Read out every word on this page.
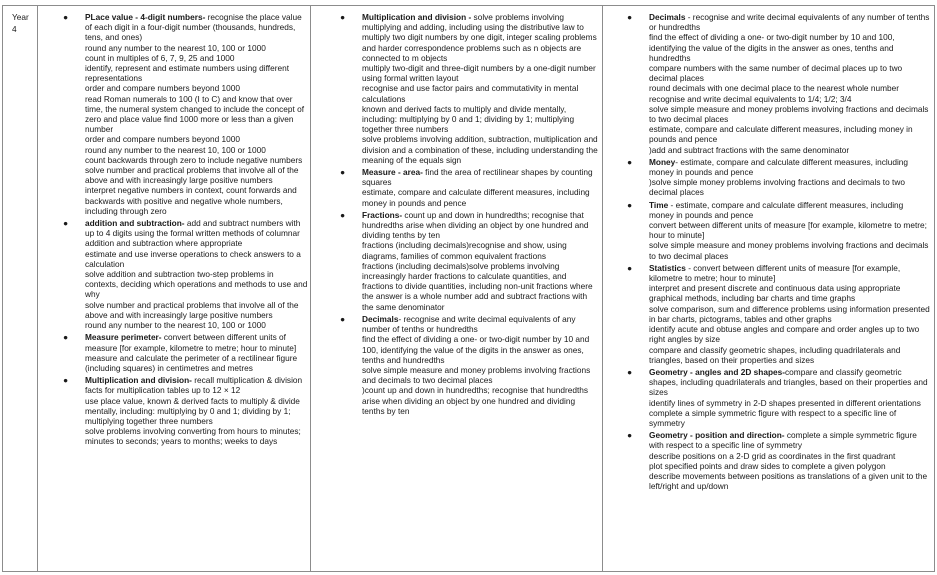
Year 4
● PLace value - 4-digit numbers- recognise the place value of each digit in a four-digit number (thousands, hundreds, tens, and ones)
round any number to the nearest 10, 100 or 1000
count in multiples of 6, 7, 9, 25 and 1000
identify, represent and estimate numbers using different representations
order and compare numbers beyond 1000
read Roman numerals to 100 (I to C) and know that over time, the numeral system changed to include the concept of zero and place value find 1000 more or less than a given number
order and compare numbers beyond 1000
round any number to the nearest 10, 100 or 1000
count backwards through zero to include negative numbers
solve number and practical problems that involve all of the above and with increasingly large positive numbers
interpret negative numbers in context, count forwards and backwards with positive and negative whole numbers, including through zero
● addition and subtraction- add and subtract numbers with up to 4 digits using the formal written methods of columnar addition and subtraction where appropriate
estimate and use inverse operations to check answers to a calculation
solve addition and subtraction two-step problems in contexts, deciding which operations and methods to use and why
solve number and practical problems that involve all of the above and with increasingly large positive numbers
round any number to the nearest 10, 100 or 1000
● Measure perimeter- convert between different units of measure [for example, kilometre to metre; hour to minute]
measure and calculate the perimeter of a rectilinear figure (including squares) in centimetres and metres
● Multiplication and division- recall multiplication & division facts for multiplication tables up to 12 × 12
use place value, known & derived facts to multiply & divide mentally, including: multiplying by 0 and 1; dividing by 1; multiplying together three numbers
solve problems involving converting from hours to minutes; minutes to seconds; years to months; weeks to days
● Multiplication and division - solve problems involving multiplying and adding, including using the distributive law to multiply two digit numbers by one digit, integer scaling problems and harder correspondence problems such as n objects are connected to m objects
multiply two-digit and three-digit numbers by a one-digit number using formal written layout
recognise and use factor pairs and commutativity in mental calculations
known and derived facts to multiply and divide mentally, including: multiplying by 0 and 1; dividing by 1; multiplying together three numbers
solve problems involving addition, subtraction, multiplication and division and a combination of these, including understanding the meaning of the equals sign
● Measure - area- find the area of rectilinear shapes by counting squares
estimate, compare and calculate different measures, including money in pounds and pence
● Fractions- count up and down in hundredths; recognise that hundredths arise when dividing an object by one hundred and dividing tenths by ten
fractions (including decimals)recognise and show, using diagrams, families of common equivalent fractions
fractions (including decimals)solve problems involving increasingly harder fractions to calculate quantities, and fractions to divide quantities, including non-unit fractions where the answer is a whole number add and subtract fractions with the same denominator
● Decimals- recognise and write decimal equivalents of any number of tenths or hundredths
find the effect of dividing a one- or two-digit number by 10 and 100, identifying the value of the digits in the answer as ones, tenths and hundredths
solve simple measure and money problems involving fractions and decimals to two decimal places
)count up and down in hundredths; recognise that hundredths arise when dividing an object by one hundred and dividing tenths by ten
● Decimals - recognise and write decimal equivalents of any number of tenths or hundredths
find the effect of dividing a one- or two-digit number by 10 and 100, identifying the value of the digits in the answer as ones, tenths and hundredths
compare numbers with the same number of decimal places up to two decimal places
round decimals with one decimal place to the nearest whole number
recognise and write decimal equivalents to 1/4; 1/2; 3/4
solve simple measure and money problems involving fractions and decimals to two decimal places
estimate, compare and calculate different measures, including money in pounds and pence
)add and subtract fractions with the same denominator
● Money- estimate, compare and calculate different measures, including money in pounds and pence
)solve simple money problems involving fractions and decimals to two decimal places
● Time - estimate, compare and calculate different measures, including money in pounds and pence
convert between different units of measure [for example, kilometre to metre; hour to minute]
solve simple measure and money problems involving fractions and decimals to two decimal places
● Statistics - convert between different units of measure [for example, kilometre to metre; hour to minute]
interpret and present discrete and continuous data using appropriate graphical methods, including bar charts and time graphs
solve comparison, sum and difference problems using information presented in bar charts, pictograms, tables and other graphs
identify acute and obtuse angles and compare and order angles up to two right angles by size
compare and classify geometric shapes, including quadrilaterals and triangles, based on their properties and sizes
● Geometry - angles and 2D shapes-compare and classify geometric shapes, including quadrilaterals and triangles, based on their properties and sizes
identify lines of symmetry in 2-D shapes presented in different orientations
complete a simple symmetric figure with respect to a specific line of symmetry
● Geometry - position and direction- complete a simple symmetric figure with respect to a specific line of symmetry
describe positions on a 2-D grid as coordinates in the first quadrant
plot specified points and draw sides to complete a given polygon
describe movements between positions as translations of a given unit to the left/right and up/down
